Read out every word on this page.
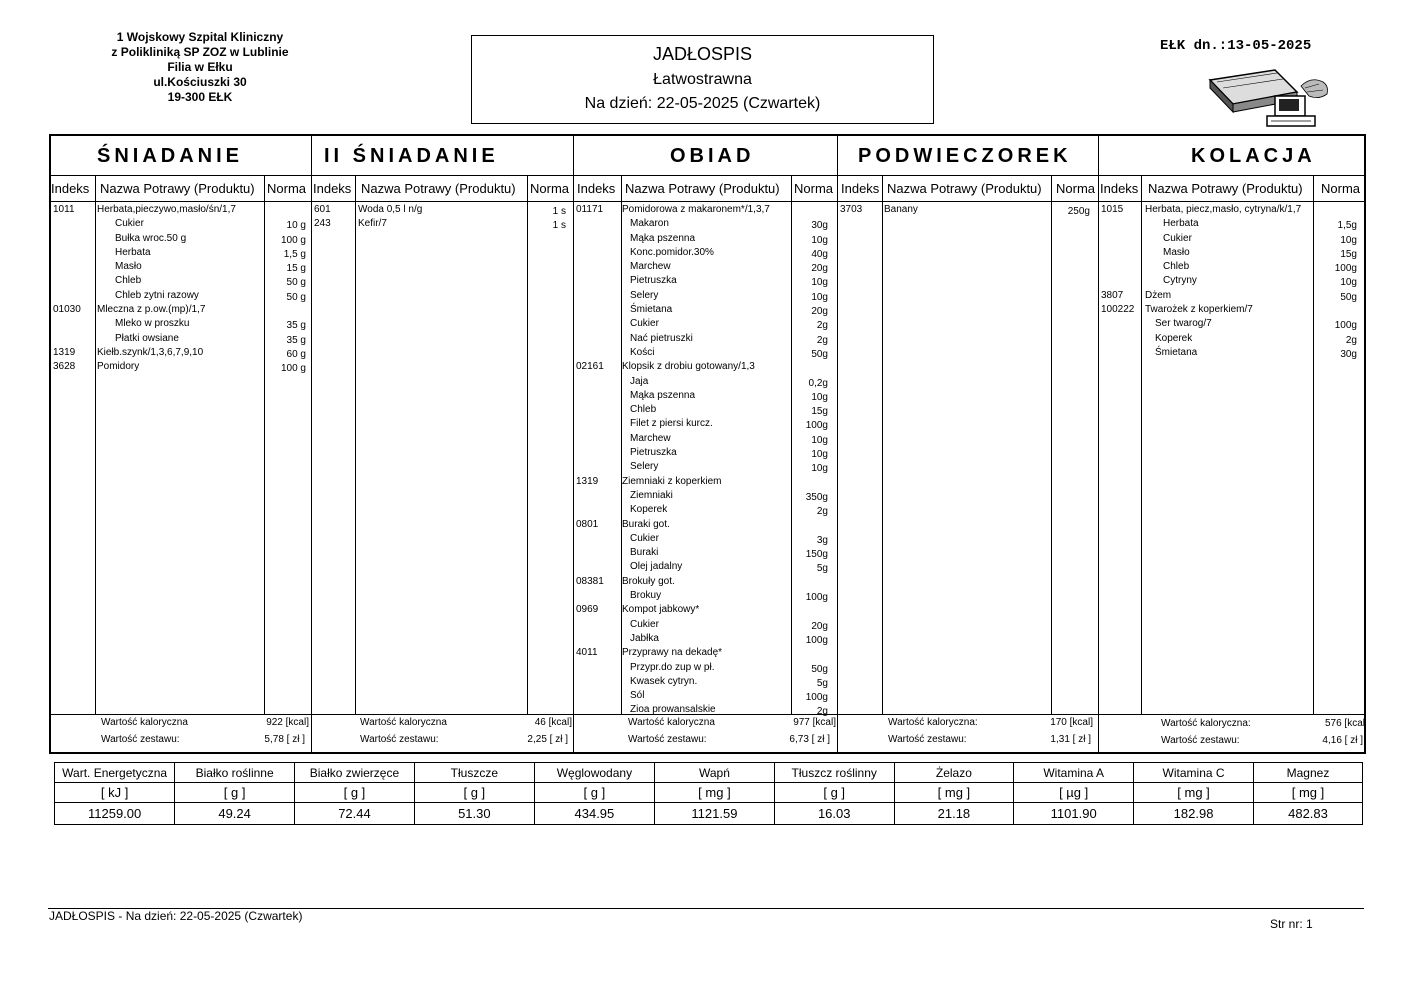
1 Wojskowy Szpital Kliniczny
z Polikliniką SP ZOZ w Lublinie
Filia w Ełku
ul.Kościuszki 30
19-300 EŁK
JADŁOSPIS
Łatwostrawna
Na dzień: 22-05-2025 (Czwartek)
EŁK dn.:13-05-2025
ŚNIADANIE
Indeks Nazwa Potrawy (Produktu) Norma
1011 Herbata,pieczywo,masło/śn/1,7
Cukier	10 g
Bułka wroc.50 g	100 g
Herbata	1,5 g
Masło	15 g
Chleb	50 g
Chleb zytni razowy	50 g
01030 Mleczna z p.ow.(mp)/1,7
Mleko w proszku	35 g
Płatki owsiane	35 g
1319 Kiełb.szynk/1,3,6,7,9,10	60 g
3628 Pomidory	100 g
Wartość kaloryczna	922 [kcal]
Wartość zestawu:	5,78 [ zł ]
II ŚNIADANIE
Indeks Nazwa Potrawy (Produktu) Norma
601	Woda 0,5 l n/g	1 s
243	Kefir/7	1 s
Wartość kaloryczna	46 [kcal]
Wartość zestawu:	2,25 [ zł ]
OBIAD
Indeks Nazwa Potrawy (Produktu) Norma
01171 Pomidorowa z makaronem*/1,3,7
Makaron	30g
Mąka pszenna	10g
Konc.pomidor.30%	40g
Marchew	20g
Pietruszka	10g
Selery	10g
Śmietana	20g
Cukier	2g
Nać pietruszki	2g
Kości	50g
02161 Klopsik z drobiu gotowany/1,3
Jaja	0,2g
Mąka pszenna	10g
Chleb	15g
Filet z piersi kurcz.	100g
Marchew	10g
Pietruszka	10g
Selery	10g
1319 Ziemniaki z koperkiem
Ziemniaki	350g
Koperek	2g
0801 Buraki got.
Cukier	3g
Buraki	150g
Olej jadalny	5g
08381 Brokuły got.
Brokuy	100g
0969 Kompot jabkowy*
Cukier	20g
Jabłka	100g
4011 Przyprawy na dekadę*
Przypr.do zup w pł.	50g
Kwasek cytryn.	5g
Sól	100g
Zioa prowansalskie	2g
Wartość kaloryczna	977 [kcal]
Wartość zestawu:	6,73 [ zł ]
PODWIECZOREK
Indeks Nazwa Potrawy (Produktu) Norma
3703 Banany	250g
Wartość kaloryczna:	170 [kcal]
Wartość zestawu:	1,31 [ zł ]
KOLACJA
Indeks Nazwa Potrawy (Produktu) Norma
1015 Herbata, piecz,masło, cytryna/k/1,7
Herbata	1,5g
Cukier	10g
Masło	15g
Chleb	100g
Cytryny	10g
3807 Dżem	50g
100222 Twarożek z koperkiem/7
Ser twarog/7	100g
Koperek	2g
Śmietana	30g
Wartość kaloryczna:	576 [kcal
Wartość zestawu:	4,16 [ zł ]
Wart. Energetyczna	Białko roślinne	Białko zwierzęce	Tłuszcze	Węglowodany	Wapń	Tłuszcz roślinny	Żelazo	Witamina A	Witamina C	Magnez
[ kJ ]	[ g ]	[ g ]	[ g ]	[ g ]	[ mg ]	[ g ]	[ mg ]	[ µg ]	[ mg ]	[ mg ]
11259.00	49.24	72.44	51.30	434.95	1121.59	16.03	21.18	1101.90	182.98	482.83
JADŁOSPIS - Na dzień: 22-05-2025 (Czwartek)
Str nr: 1
